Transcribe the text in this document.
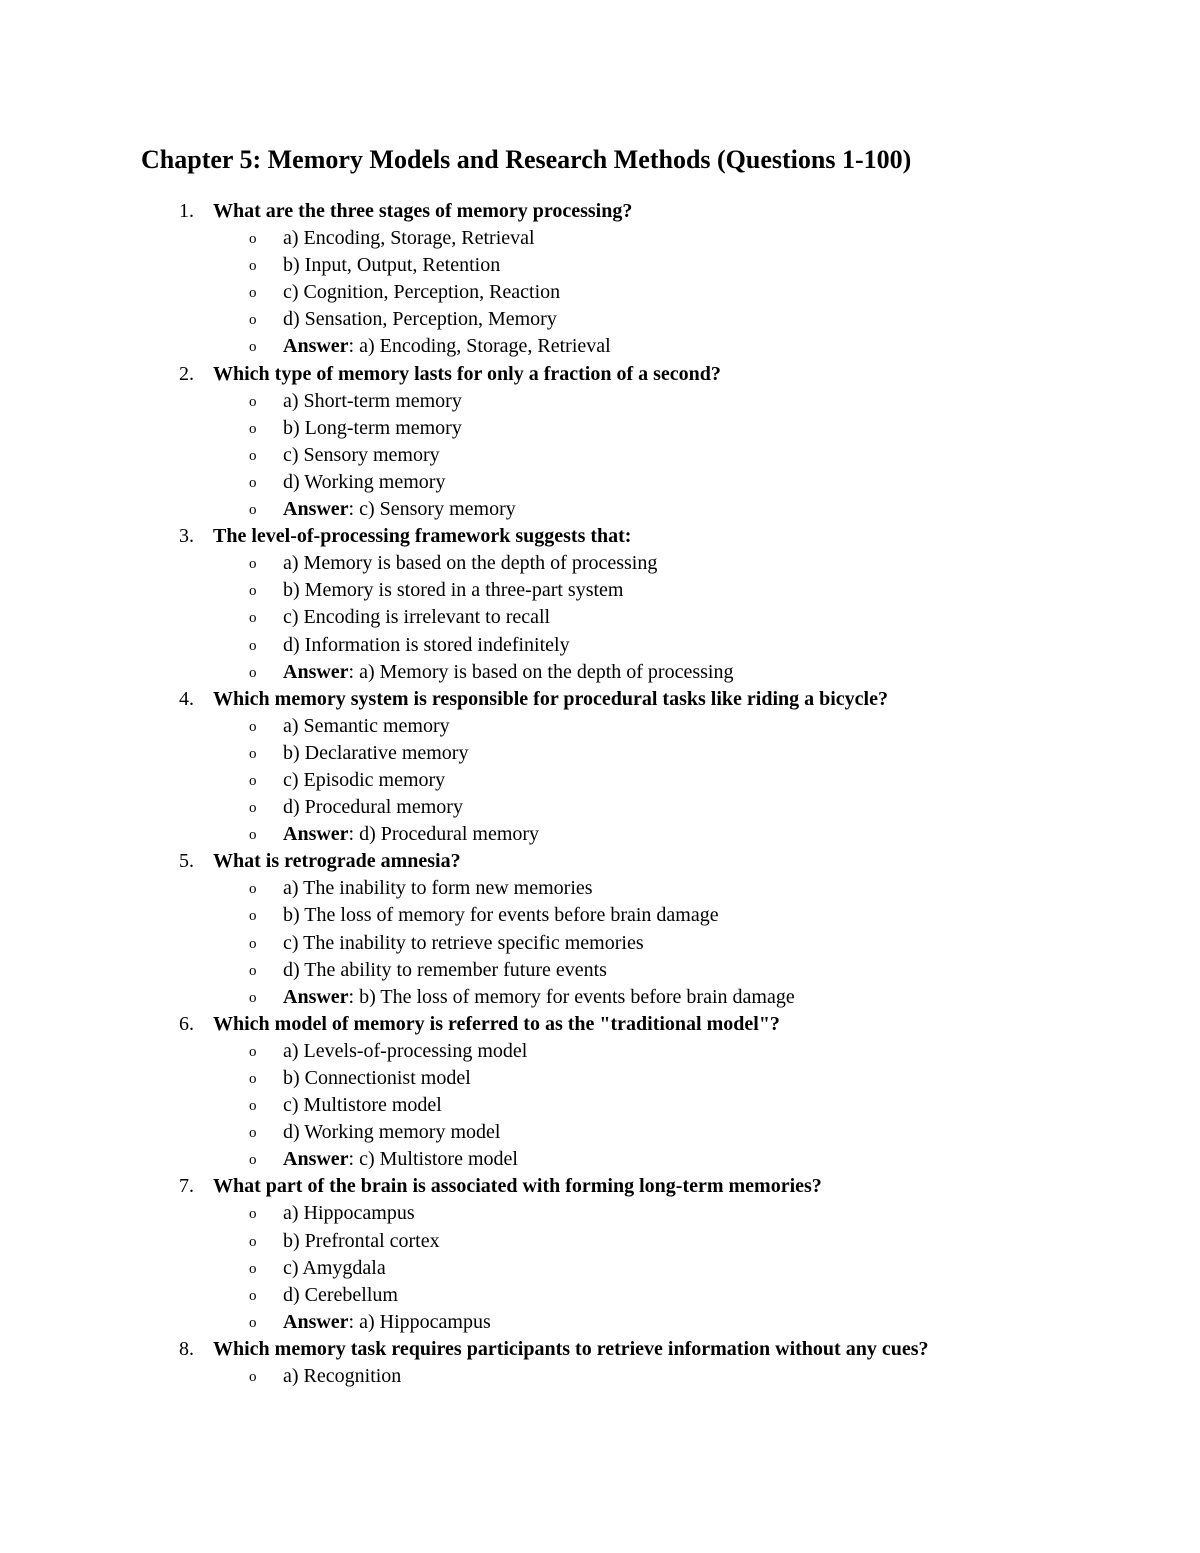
Chapter 5: Memory Models and Research Methods (Questions 1-100)
1. What are the three stages of memory processing?
o a) Encoding, Storage, Retrieval
o b) Input, Output, Retention
o c) Cognition, Perception, Reaction
o d) Sensation, Perception, Memory
o Answer: a) Encoding, Storage, Retrieval
2. Which type of memory lasts for only a fraction of a second?
o a) Short-term memory
o b) Long-term memory
o c) Sensory memory
o d) Working memory
o Answer: c) Sensory memory
3. The level-of-processing framework suggests that:
o a) Memory is based on the depth of processing
o b) Memory is stored in a three-part system
o c) Encoding is irrelevant to recall
o d) Information is stored indefinitely
o Answer: a) Memory is based on the depth of processing
4. Which memory system is responsible for procedural tasks like riding a bicycle?
o a) Semantic memory
o b) Declarative memory
o c) Episodic memory
o d) Procedural memory
o Answer: d) Procedural memory
5. What is retrograde amnesia?
o a) The inability to form new memories
o b) The loss of memory for events before brain damage
o c) The inability to retrieve specific memories
o d) The ability to remember future events
o Answer: b) The loss of memory for events before brain damage
6. Which model of memory is referred to as the "traditional model"?
o a) Levels-of-processing model
o b) Connectionist model
o c) Multistore model
o d) Working memory model
o Answer: c) Multistore model
7. What part of the brain is associated with forming long-term memories?
o a) Hippocampus
o b) Prefrontal cortex
o c) Amygdala
o d) Cerebellum
o Answer: a) Hippocampus
8. Which memory task requires participants to retrieve information without any cues?
o a) Recognition
